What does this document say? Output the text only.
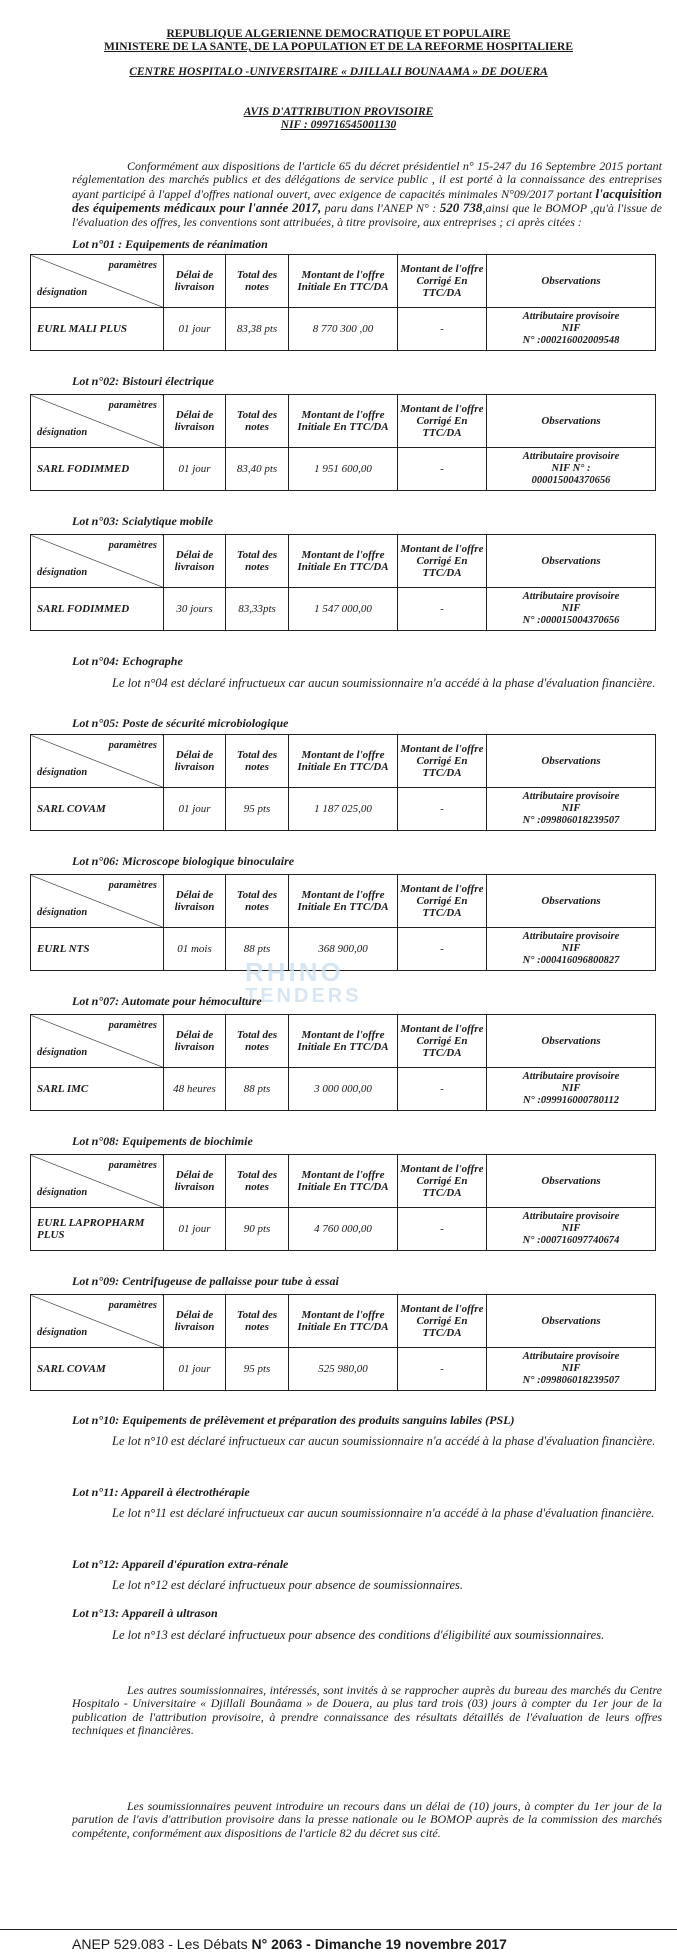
REPUBLIQUE ALGERIENNE DEMOCRATIQUE ET POPULAIRE
MINISTERE DE LA SANTE, DE LA POPULATION ET DE LA REFORME HOSPITALIERE
CENTRE HOSPITALO -UNIVERSITAIRE « DJILLALI BOUNAAMA » DE DOUERA
AVIS D'ATTRIBUTION PROVISOIRE
NIF : 099716545001130
Conformément aux dispositions de l'article 65 du décret présidentiel n° 15-247 du 16 Septembre 2015 portant réglementation des marchés publics et des délégations de service public , il est porté à la connaissance des entreprises ayant participé à l'appel d'offres national ouvert, avec exigence de capacités minimales N°09/2017 portant l'acquisition des équipements médicaux pour l'année 2017, paru dans l'ANEP N° : 520 738,ainsi que le BOMOP ,qu'à l'issue de l'évaluation des offres, les conventions sont attribuées, à titre provisoire, aux entreprises ; ci après citées :
Lot n°01 : Equipements de réanimation
paramètres
désignation	Délai de livraison	Total des notes	Montant de l'offre Initiale En TTC/DA	Montant de l'offre Corrigé En TTC/DA	Observations
EURL MALI PLUS	01 jour	83,38 pts	8 770 300 ,00	-	Attributaire provisoire
NIF
N° :000216002009548
Lot n°02: Bistouri électrique
paramètres
désignation	Délai de livraison	Total des notes	Montant de l'offre Initiale En TTC/DA	Montant de l'offre Corrigé En TTC/DA	Observations
SARL FODIMMED	01 jour	83,40 pts	1 951 600,00	-	Attributaire provisoire
NIF N° :
000015004370656
Lot n°03: Scialytique mobile
paramètres
désignation	Délai de livraison	Total des notes	Montant de l'offre Initiale En TTC/DA	Montant de l'offre Corrigé En TTC/DA	Observations
SARL FODIMMED	30 jours	83,33pts	1 547 000,00	-	Attributaire provisoire
NIF
N° :000015004370656
Lot n°04: Echographe
Le lot n°04 est déclaré infructueux car aucun soumissionnaire n'a accédé à la phase d'évaluation financière.
Lot n°05: Poste de sécurité microbiologique
paramètres
désignation	Délai de livraison	Total des notes	Montant de l'offre Initiale En TTC/DA	Montant de l'offre Corrigé En TTC/DA	Observations
SARL COVAM	01 jour	95 pts	1 187 025,00	-	Attributaire provisoire
NIF
N° :099806018239507
Lot n°06: Microscope biologique binoculaire
paramètres
désignation	Délai de livraison	Total des notes	Montant de l'offre Initiale En TTC/DA	Montant de l'offre Corrigé En TTC/DA	Observations
EURL NTS	01 mois	88 pts	368 900,00	-	Attributaire provisoire
NIF
N° :000416096800827
RHINO
TENDERS
Lot n°07: Automate pour hémoculture
paramètres
désignation	Délai de livraison	Total des notes	Montant de l'offre Initiale En TTC/DA	Montant de l'offre Corrigé En TTC/DA	Observations
SARL IMC	48 heures	88 pts	3 000 000,00	-	Attributaire provisoire
NIF
N° :099916000780112
Lot n°08: Equipements de biochimie
paramètres
désignation	Délai de livraison	Total des notes	Montant de l'offre Initiale En TTC/DA	Montant de l'offre Corrigé En TTC/DA	Observations
EURL LAPROPHARM PLUS	01 jour	90 pts	4 760 000,00	-	Attributaire provisoire
NIF
N° :000716097740674
Lot n°09: Centrifugeuse de pallaisse pour tube à essai
paramètres
désignation	Délai de livraison	Total des notes	Montant de l'offre Initiale En TTC/DA	Montant de l'offre Corrigé En TTC/DA	Observations
SARL COVAM	01 jour	95 pts	525 980,00	-	Attributaire provisoire
NIF
N° :099806018239507
Lot n°10: Equipements de prélèvement et préparation des produits sanguins labiles (PSL)
Le lot n°10 est déclaré infructueux car aucun soumissionnaire n'a accédé à la phase d'évaluation financière.
Lot n°11: Appareil à électrothérapie
Le lot n°11 est déclaré infructueux car aucun soumissionnaire n'a accédé à la phase d'évaluation financière.
Lot n°12: Appareil d'épuration extra-rénale
Le lot n°12 est déclaré infructueux pour absence de soumissionnaires.
Lot n°13: Appareil à ultrason
Le lot n°13 est déclaré infructueux pour absence des conditions d'éligibilité aux soumissionnaires.
Les autres soumissionnaires, intéressés, sont invités à se rapprocher auprès du bureau des marchés du Centre Hospitalo - Universitaire « Djillali Bounâama » de Douera, au plus tard trois (03) jours à compter du 1er jour de la publication de l'attribution provisoire, à prendre connaissance des résultats détaillés de l'évaluation de leurs offres techniques et financières.
Les soumissionnaires peuvent introduire un recours dans un délai de (10) jours, à compter du 1er jour de la parution de l'avis d'attribution provisoire dans la presse nationale ou le BOMOP auprès de la commission des marchés compétente, conformément aux dispositions de l'article 82 du décret sus cité.
ANEP 529.083 - Les Débats N° 2063 - Dimanche 19 novembre 2017
